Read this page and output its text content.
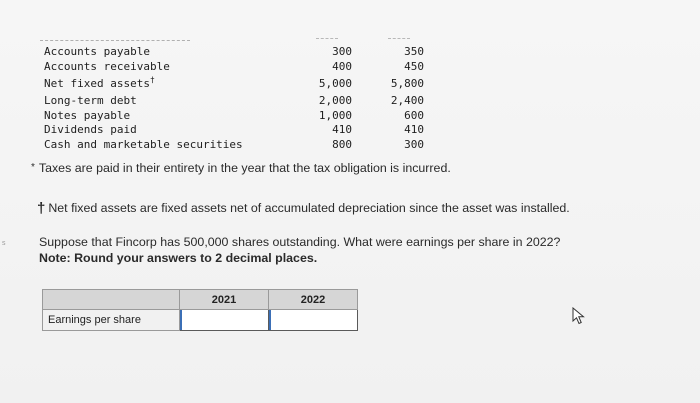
Accounts payable	300	350
Accounts receivable	400	450
Net fixed assets†	5,000	5,800
Long-term debt	2,000	2,400
Notes payable	1,000	600
Dividends paid	410	410
Cash and marketable securities	800	300
* Taxes are paid in their entirety in the year that the tax obligation is incurred.
† Net fixed assets are fixed assets net of accumulated depreciation since the asset was installed.
Suppose that Fincorp has 500,000 shares outstanding. What were earnings per share in 2022?
Note: Round your answers to 2 decimal places.
	2021	2022
Earnings per share		
s
